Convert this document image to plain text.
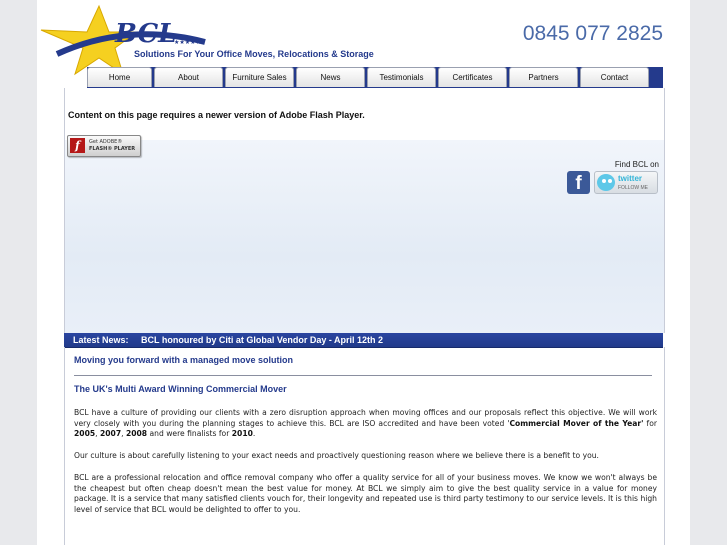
BCL
★★★★★
Solutions For Your Office Moves, Relocations & Storage
0845 077 2825
Home	About	Furniture Sales	News	Testimonials	Certificates	Partners	Contact
Content on this page requires a newer version of Adobe Flash Player.
f	Get ADOBE®
FLASH® PLAYER
Find BCL on
f	twitter
FOLLOW ME
Latest News: BCL honoured by Citi at Global Vendor Day - April 12th 2
Moving you forward with a managed move solution
The UK's Multi Award Winning Commercial Mover
BCL have a culture of providing our clients with a zero disruption approach when moving offices and our proposals reflect this objective. We will work very closely with you during the planning stages to achieve this. BCL are ISO accredited and have been voted 'Commercial Mover of the Year' for 2005, 2007, 2008 and were finalists for 2010.
Our culture is about carefully listening to your exact needs and proactively questioning reason where we believe there is a benefit to you.
BCL are a professional relocation and office removal company who offer a quality service for all of your business moves. We know we won't always be the cheapest but often cheap doesn't mean the best value for money. At BCL we simply aim to give the best quality service in a value for money package. It is a service that many satisfied clients vouch for, their longevity and repeated use is third party testimony to our service levels. It is this high level of service that BCL would be delighted to offer to you.
